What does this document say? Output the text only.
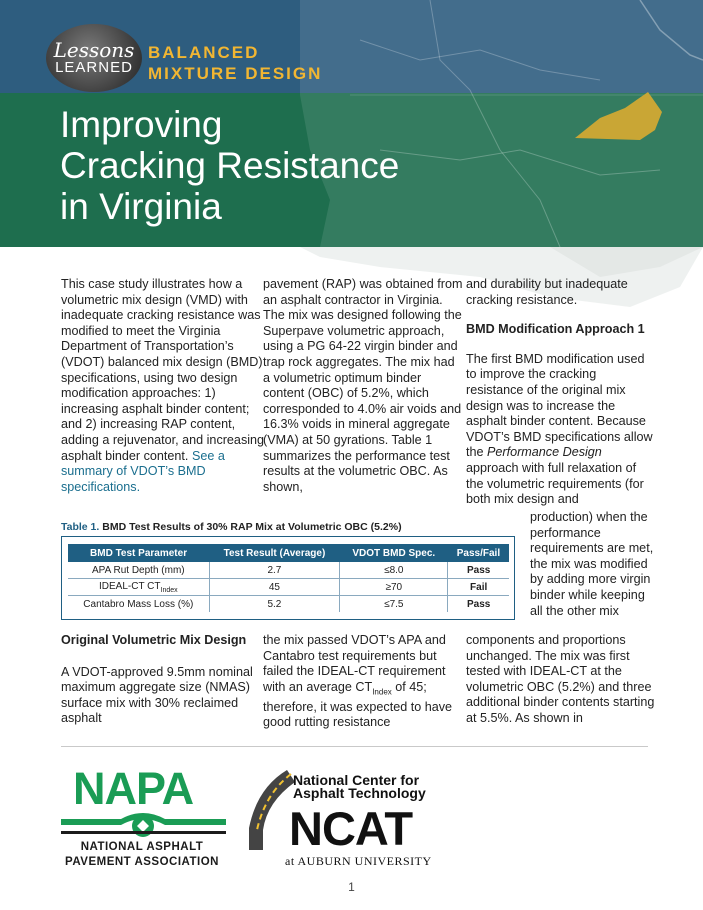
Lessons
LEARNED
BALANCED
MIXTURE DESIGN
Improving
Cracking Resistance
in Virginia

This case study illustrates how a volumetric mix design (VMD) with inadequate cracking resistance was modified to meet the Virginia Department of Transportation’s (VDOT) balanced mix design (BMD) specifications, using two design modification approaches: 1) increasing asphalt binder content; and 2) increasing RAP content, adding a rejuvenator, and increasing asphalt binder content. See a summary of VDOT’s BMD specifications.

pavement (RAP) was obtained from an asphalt contractor in Virginia. The mix was designed following the Superpave volumetric approach, using a PG 64-22 virgin binder and trap rock aggregates. The mix had a volumetric optimum binder content (OBC) of 5.2%, which corresponded to 4.0% air voids and 16.3% voids in mineral aggregate (VMA) at 50 gyrations. Table 1 summarizes the performance test results at the volumetric OBC. As shown,

and durability but inadequate cracking resistance.

BMD Modification Approach 1

The first BMD modification used to improve the cracking resistance of the original mix design was to increase the asphalt binder content. Because VDOT’s BMD specifications allow the Performance Design approach with full relaxation of the volumetric requirements (for both mix design and

Table 1. BMD Test Results of 30% RAP Mix at Volumetric OBC (5.2%)
BMD Test Parameter	Test Result (Average)	VDOT BMD Spec.	Pass/Fail
APA Rut Depth (mm)	2.7	≤8.0	Pass
IDEAL-CT $CT_{Index}$	45	≥70	Fail
Cantabro Mass Loss (%)	5.2	≤7.5	Pass

production) when the performance requirements are met, the mix was modified by adding more virgin binder while keeping all the other mix

Original Volumetric Mix Design

A VDOT-approved 9.5mm nominal maximum aggregate size (NMAS) surface mix with 30% reclaimed asphalt

the mix passed VDOT’s APA and Cantabro test requirements but failed the IDEAL-CT requirement with an average $CT_{Index}$ of 45; therefore, it was expected to have good rutting resistance

components and proportions unchanged. The mix was first tested with IDEAL-CT at the volumetric OBC (5.2%) and three additional binder contents starting at 5.5%. As shown in

NAPA
NATIONAL ASPHALT
PAVEMENT ASSOCIATION
National Center for
Asphalt Technology
NCAT
at AUBURN UNIVERSITY
1
